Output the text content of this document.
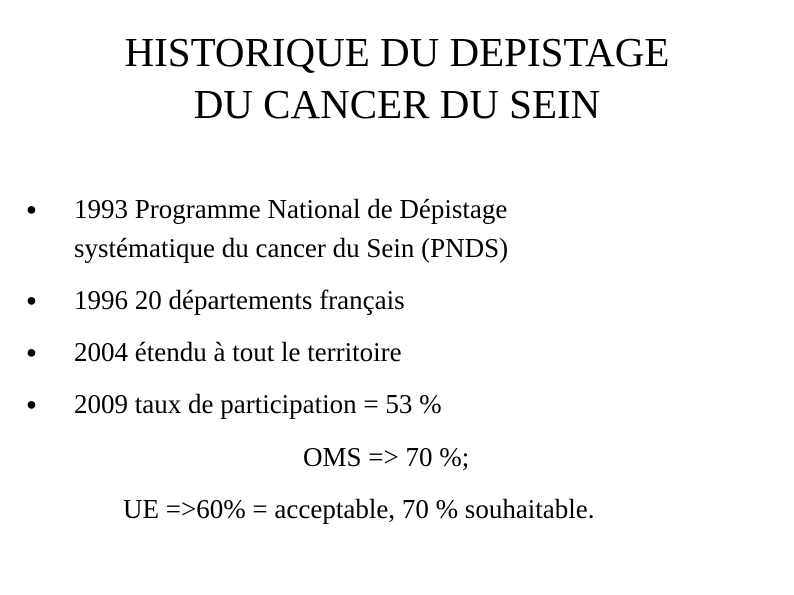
HISTORIQUE DU DEPISTAGE
DU CANCER DU SEIN
●	1993 Programme National de Dépistage
systématique du cancer du Sein (PNDS)
●	1996 20 départements français
●	2004 étendu à tout le territoire
●	2009 taux de participation = 53 %
OMS => 70 %;
UE =>60% = acceptable, 70 % souhaitable.
